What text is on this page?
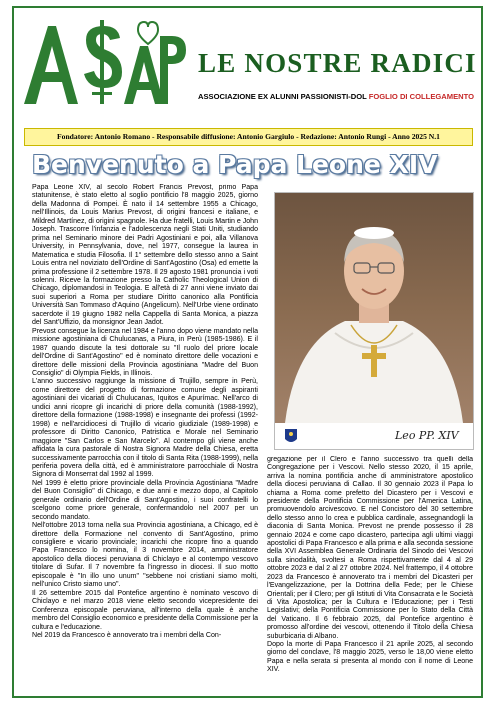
LE NOSTRE RADICI
ASSOCIAZIONE EX ALUNNI PASSIONISTI-DOL FOGLIO DI COLLEGAMENTO
Fondatore: Antonio Romano - Responsabile diffusione: Antonio Gargiulo - Redazione: Antonio Rungi - Anno 2025 N.1
Benvenuto a Papa Leone XIV

Papa Leone XIV, al secolo Robert Francis Prevost, primo Papa statunitense, è stato eletto al soglio pontificio l'8 maggio 2025, giorno della Madonna di Pompei. È nato il 14 settembre 1955 a Chicago, nell'Illinois, da Louis Marius Prevost, di origini francesi e italiane, e Mildred Martínez, di origini spagnole. Ha due fratelli, Louis Martin e John Joseph. Trascorre l'infanzia e l'adolescenza negli Stati Uniti, studiando prima nel Seminario minore dei Padri Agostiniani e poi, alla Villanova University, in Pennsylvania, dove, nel 1977, consegue la laurea in Matematica e studia Filosofia. Il 1° settembre dello stesso anno a Saint Louis entra nel noviziato dell'Ordine di Sant'Agostino (Osa) ed emette la prima professione il 2 settembre 1978. Il 29 agosto 1981 pronuncia i voti solenni. Riceve la formazione presso la Catholic Theological Union di Chicago, diplomandosi in Teologia. E all'età di 27 anni viene inviato dai suoi superiori a Roma per studiare Diritto canonico alla Pontificia Università San Tommaso d'Aquino (Angelicum). Nell'Urbe viene ordinato sacerdote il 19 giugno 1982 nella Cappella di Santa Monica, a piazza del Sant'Uffizio, da monsignor Jean Jadot.

Prevost consegue la licenza nel 1984 e l'anno dopo viene mandato nella missione agostiniana di Chulucanas, a Piura, in Perù (1985-1986). E il 1987 quando discute la tesi dottorale su "Il ruolo del priore locale dell'Ordine di Sant'Agostino" ed è nominato direttore delle vocazioni e direttore delle missioni della Provincia agostiniana "Madre del Buon Consiglio" di Olympia Fields, in Illinois.

L'anno successivo raggiunge la missione di Trujillo, sempre in Perù, come direttore del progetto di formazione comune degli aspiranti agostiniani dei vicariati di Chulucanas, Iquitos e Apurímac. Nell'arco di undici anni ricopre gli incarichi di priore della comunità (1988-1992), direttore della formazione (1988-1998) e insegnante dei professi (1992-1998) e nell'arcidiocesi di Trujillo di vicario giudiziale (1989-1998) e professore di Diritto Canonico, Patristica e Morale nel Seminario maggiore "San Carlos e San Marcelo". Al contempo gli viene anche affidata la cura pastorale di Nostra Signora Madre della Chiesa, eretta successivamente parrocchia con il titolo di Santa Rita (1988-1999), nella periferia povera della città, ed è amministratore parrocchiale di Nostra Signora di Monserrat dal 1992 al 1999.

Nel 1999 è eletto priore provinciale della Provincia Agostiniana "Madre del Buon Consiglio" di Chicago, e due anni e mezzo dopo, al Capitolo generale ordinario dell'Ordine di Sant'Agostino, i suoi confratelli lo scelgono come priore generale, confermandolo nel 2007 per un secondo mandato.

Nell'ottobre 2013 torna nella sua Provincia agostiniana, a Chicago, ed è direttore della Formazione nel convento di Sant'Agostino, primo consigliere e vicario provinciale; incarichi che ricopre fino a quando Papa Francesco lo nomina, il 3 novembre 2014, amministratore apostolico della diocesi peruviana di Chiclayo e al contempo vescovo titolare di Sufar. Il 7 novembre fa l'ingresso in diocesi. Il suo motto episcopale è "In illo uno unum" "sebbene noi cristiani siamo molti, nell'unico Cristo siamo uno".

Il 26 settembre 2015 dal Pontefice argentino è nominato vescovo di Chiclayo e nel marzo 2018 viene eletto secondo vicepresidente dei Conferenza episcopale peruviana, all'interno della quale è anche membro del Consiglio economico e presidente della Commissione per la cultura e l'educazione.

Nel 2019 da Francesco è annoverato tra i membri della Con-

Leo PP. XIV

gregazione per il Clero e l'anno successivo tra quelli della Congregazione per i Vescovi. Nello stesso 2020, il 15 aprile, arriva la nomina pontificia anche di amministratore apostolico della diocesi peruviana di Callao. Il 30 gennaio 2023 il Papa lo chiama a Roma come prefetto del Dicastero per i Vescovi e presidente della Pontificia Commissione per l'America Latina, promuovendolo arcivescovo. E nel Concistoro del 30 settembre dello stesso anno lo crea e pubblica cardinale, assegnandogli la diaconia di Santa Monica. Prevost ne prende possesso il 28 gennaio 2024 e come capo dicastero, partecipa agli ultimi viaggi apostolici di Papa Francesco e alla prima e alla seconda sessione della XVI Assemblea Generale Ordinaria del Sinodo dei Vescovi sulla sinodalità, svoltesi a Roma rispettivamente dal 4 al 29 ottobre 2023 e dal 2 al 27 ottobre 2024. Nel frattempo, il 4 ottobre 2023 da Francesco è annoverato tra i membri del Dicasteri per l'Evangelizzazione, per la Dottrina della Fede; per le Chiese Orientali; per il Clero; per gli Istituti di Vita Consacrata e le Società di Vita Apostolica; per la Cultura e l'Educazione; per i Testi Legislativi; della Pontificia Commissione per lo Stato della Città del Vaticano. Il 6 febbraio 2025, dal Pontefice argentino è promosso all'ordine dei vescovi, ottenendo il Titolo della Chiesa suburbicaria di Albano.

Dopo la morte di Papa Francesco il 21 aprile 2025, al secondo giorno del conclave, l'8 maggio 2025, verso le 18,00 viene eletto Papa e nella serata si presenta al mondo con il nome di Leone XIV.
